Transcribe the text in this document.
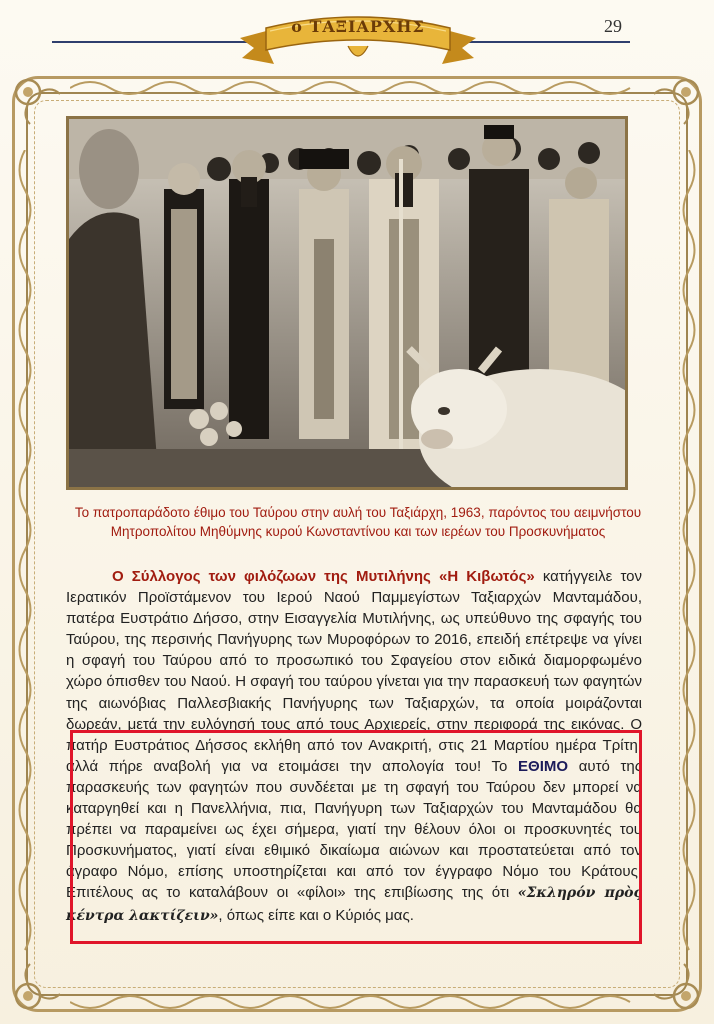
ο ΤΑΞΙΑΡΧΗΣ	29
Το πατροπαράδοτο έθιμο του Ταύρου στην αυλή του Ταξιάρχη, 1963, παρόντος του αειμνήστου
Μητροπολίτου Μηθύμνης κυρού Κωνσταντίνου και των ιερέων του Προσκυνήματος
Ο Σύλλογος των φιλόζωων της Μυτιλήνης «Η Κιβωτός» κατήγγειλε τον Ιερατικόν Προϊστάμενον του Ιερού Ναού Παμμεγίστων Ταξιαρχών Μανταμάδου, πατέρα Ευστράτιο Δήσσο, στην Εισαγγελία Μυτιλήνης, ως υπεύθυνο της σφαγής του Ταύρου, της περσινής Πανήγυρης των Μυροφόρων το 2016, επειδή επέτρεψε να γίνει η σφαγή του Ταύρου από το προσωπικό του Σφαγείου στον ειδικά διαμορφωμένο χώρο όπισθεν του Ναού. Η σφαγή του ταύρου γίνεται για την παρασκευή των φαγητών της αιωνόβιας Παλλεσβιακής Πανήγυρης των Ταξιαρχών, τα οποία μοιράζονται δωρεάν, μετά την ευλόγησή τους από τους Αρχιερείς, στην περιφορά της εικόνας. Ο πατήρ Ευστράτιος Δήσσος εκλήθη από τον Ανακριτή, στις 21 Μαρτίου ημέρα Τρίτη, αλλά πήρε αναβολή για να ετοιμάσει την απολογία του! Το ΕΘΙΜΟ αυτό της παρασκευής των φαγητών που συνδέεται με τη σφαγή του Ταύρου δεν μπορεί να καταργηθεί και η Πανελλήνια, πια, Πανήγυρη των Ταξιαρχών του Μανταμάδου θα πρέπει να παραμείνει ως έχει σήμερα, γιατί την θέλουν όλοι οι προσκυνητές του Προσκυνήματος, γιατί είναι εθιμικό δικαίωμα αιώνων και προστατεύεται από τον άγραφο Νόμο, επίσης υποστηρίζεται και από τον έγγραφο Νόμο του Κράτους! Επιτέλους ας το καταλάβουν οι «φίλοι» της επιβίωσης της ότι «Σκληρόν πρὸς κέντρα λακτίζειν», όπως είπε και ο Κύριός μας.
